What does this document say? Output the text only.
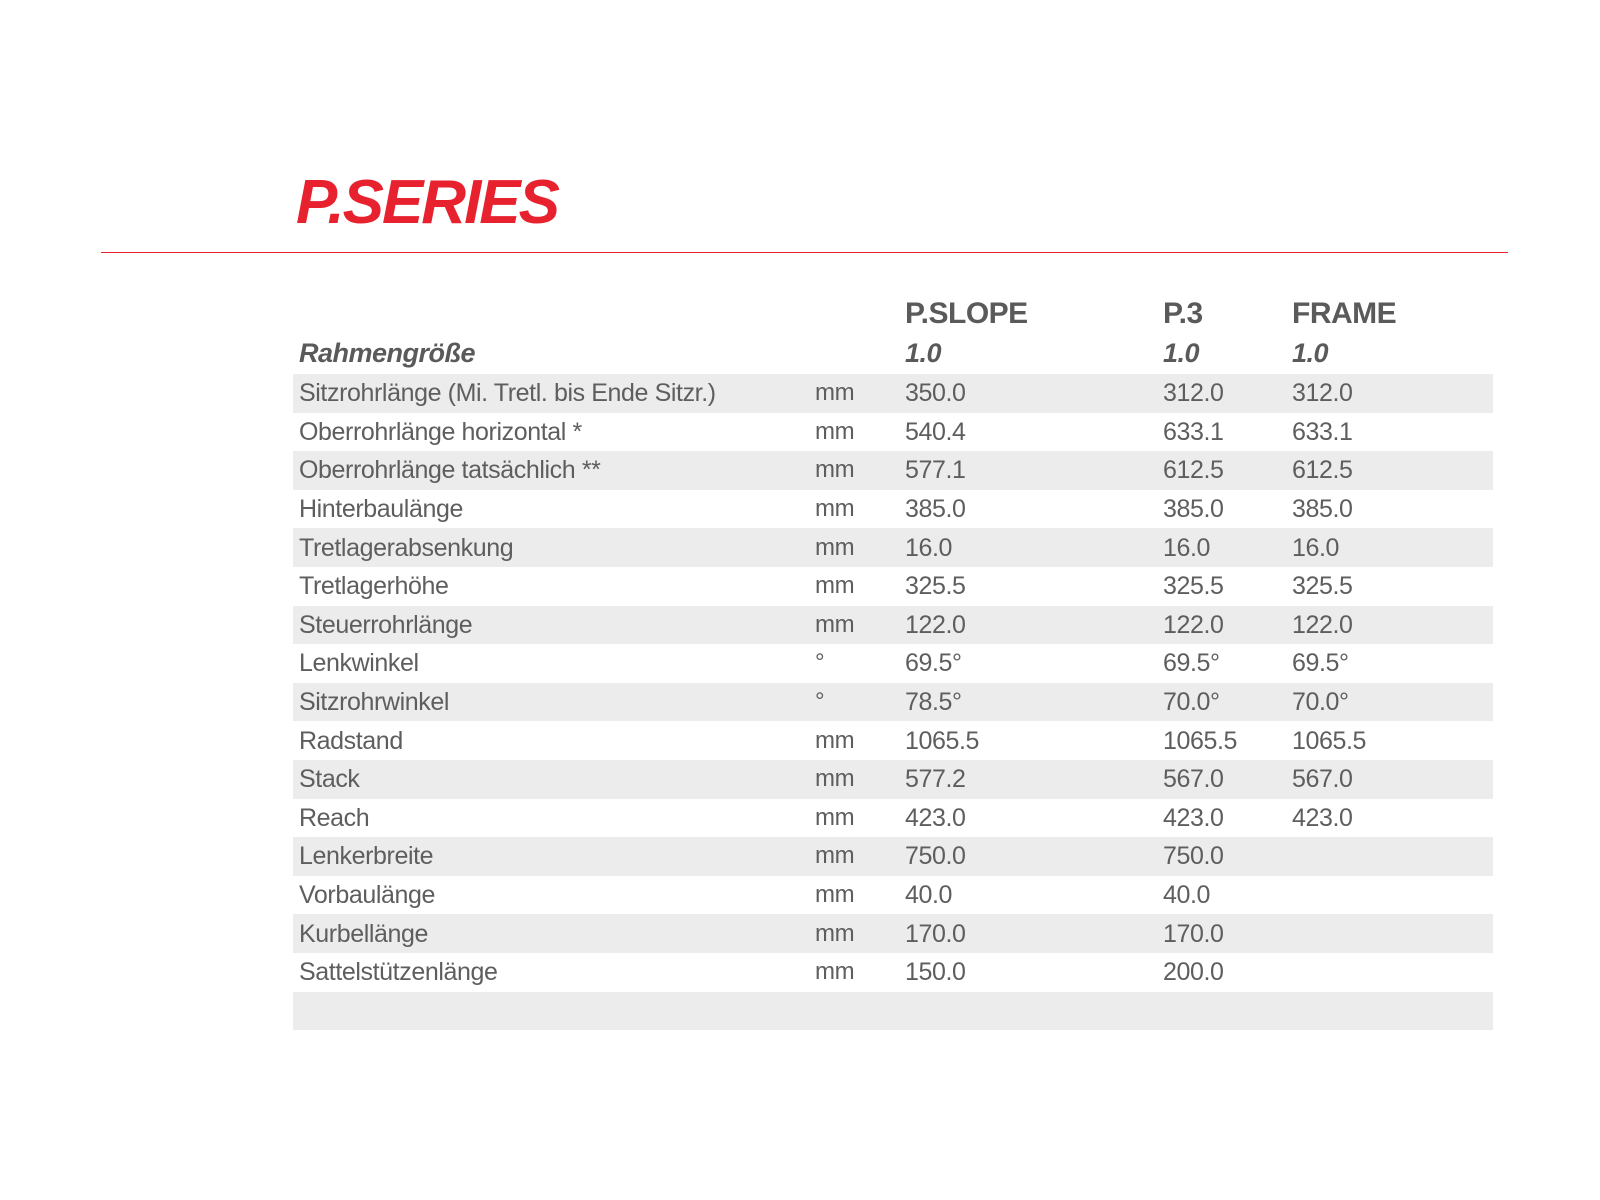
P.SERIES
		P.SLOPE	P.3	FRAME
Rahmengröße		1.0	1.0	1.0
Sitzrohrlänge (Mi. Tretl. bis Ende Sitzr.)	mm	350.0	312.0	312.0
Oberrohrlänge horizontal *	mm	540.4	633.1	633.1
Oberrohrlänge tatsächlich **	mm	577.1	612.5	612.5
Hinterbaulänge	mm	385.0	385.0	385.0
Tretlagerabsenkung	mm	16.0	16.0	16.0
Tretlagerhöhe	mm	325.5	325.5	325.5
Steuerrohrlänge	mm	122.0	122.0	122.0
Lenkwinkel	°	69.5°	69.5°	69.5°
Sitzrohrwinkel	°	78.5°	70.0°	70.0°
Radstand	mm	1065.5	1065.5	1065.5
Stack	mm	577.2	567.0	567.0
Reach	mm	423.0	423.0	423.0
Lenkerbreite	mm	750.0	750.0	
Vorbaulänge	mm	40.0	40.0	
Kurbellänge	mm	170.0	170.0	
Sattelstützenlänge	mm	150.0	200.0	
